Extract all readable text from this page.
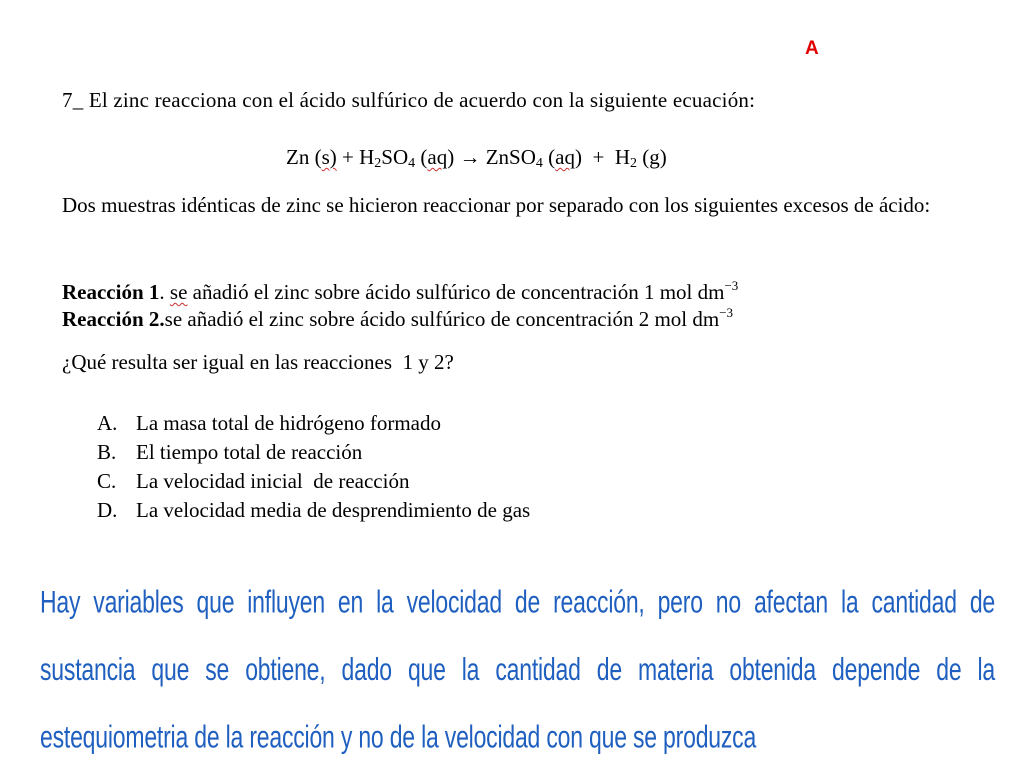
A
7_ El zinc reacciona con el ácido sulfúrico de acuerdo con la siguiente ecuación:
Zn $(s) + H_2SO_4$ (aq) → ZnSO$_4$ $(aq) + H_2$ (g)
Dos muestras idénticas de zinc se hicieron reaccionar por separado con los siguientes excesos de ácido:
Reacción 1. se añadió el zinc sobre ácido sulfúrico de concentración 1 mol $dm^{-3}$
Reacción 2.se añadió el zinc sobre ácido sulfúrico de concentración 2 mol $dm^{-3}$
¿Qué resulta ser igual en las reacciones  1 y 2?
A. La masa total de hidrógeno formado
B. El tiempo total de reacción
C. La velocidad inicial  de reacción
D. La velocidad media de desprendimiento de gas
Hay variables que influyen en la velocidad de reacción, pero no afectan la cantidad de sustancia que se obtiene, dado que la cantidad de materia obtenida depende de la estequiometria de la reacción y no de la velocidad con que se produzca
